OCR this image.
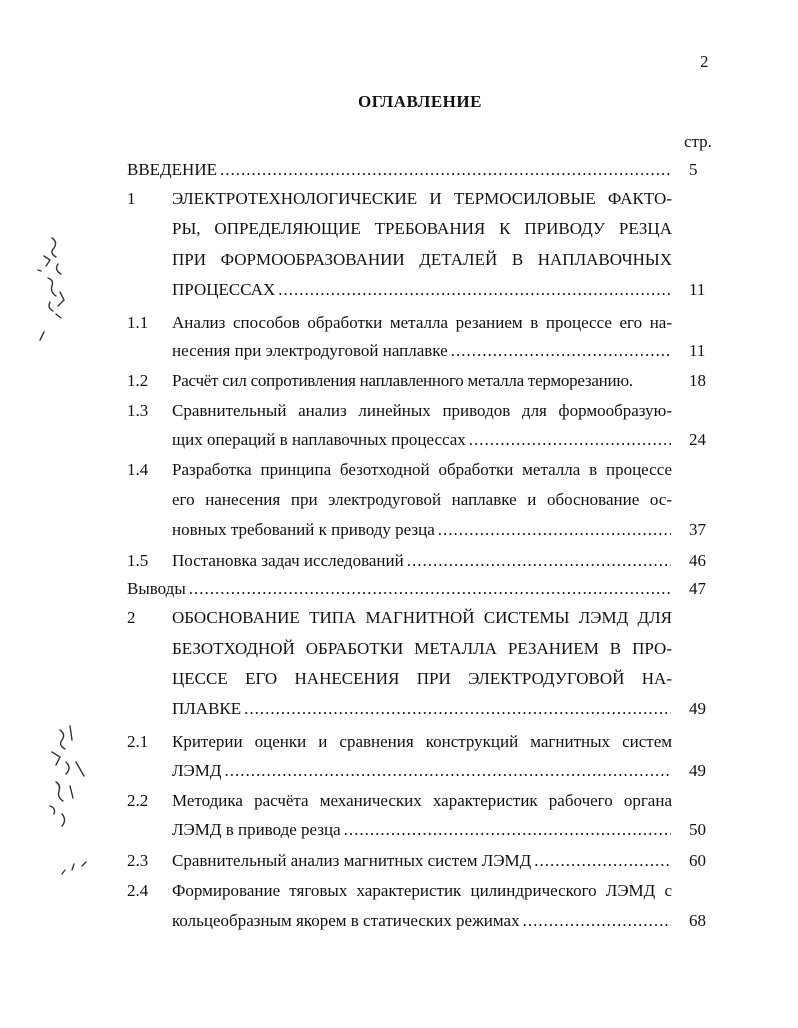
2
ОГЛАВЛЕНИЕ
стр.
ВВЕДЕНИЕ .....	5
1 ЭЛЕКТРОТЕХНОЛОГИЧЕСКИЕ И ТЕРМОСИЛОВЫЕ ФАКТО-
РЫ, ОПРЕДЕЛЯЮЩИЕ ТРЕБОВАНИЯ К ПРИВОДУ РЕЗЦА
ПРИ ФОРМООБРАЗОВАНИИ ДЕТАЛЕЙ В НАПЛАВОЧНЫХ
ПРОЦЕССАХ .....	11
1.1 Анализ способов обработки металла резанием в процессе его на-
несения при электродуговой наплавке .....	11
1.2 Расчёт сил сопротивления наплавленного металла терморезанию.	18
1.3 Сравнительный анализ линейных приводов для формообразую-
щих операций в наплавочных процессах .....	24
1.4 Разработка принципа безотходной обработки металла в процессе
его нанесения при электродуговой наплавке и обоснование ос-
новных требований к приводу резца .....	37
1.5 Постановка задач исследований .....	46
Выводы .....	47
2 ОБОСНОВАНИЕ ТИПА МАГНИТНОЙ СИСТЕМЫ ЛЭМД ДЛЯ
БЕЗОТХОДНОЙ ОБРАБОТКИ МЕТАЛЛА РЕЗАНИЕМ В ПРО-
ЦЕССЕ ЕГО НАНЕСЕНИЯ ПРИ ЭЛЕКТРОДУГОВОЙ НА-
ПЛАВКЕ .....	49
2.1 Критерии оценки и сравнения конструкций магнитных систем
ЛЭМД .....	49
2.2 Методика расчёта механических характеристик рабочего органа
ЛЭМД в приводе резца .....	50
2.3 Сравнительный анализ магнитных систем ЛЭМД .....	60
2.4 Формирование тяговых характеристик цилиндрического ЛЭМД с
кольцеобразным якорем в статических режимах .....	68
